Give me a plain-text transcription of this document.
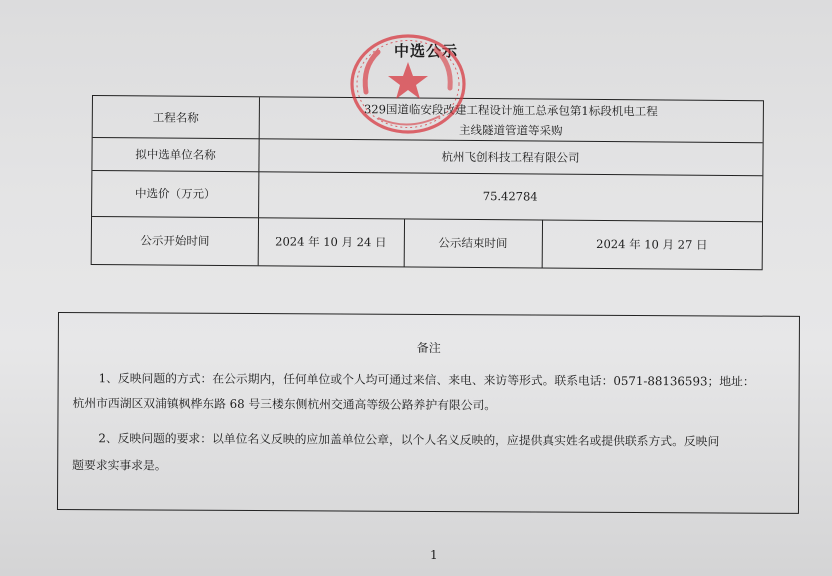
中选公示
工程名称	329国道临安段改建工程设计施工总承包第1标段机电工程
主线隧道管道等采购
拟中选单位名称	杭州飞创科技工程有限公司
中选价（万元）	75.42784
公示开始时间	2024 年 10 月 24 日	公示结束时间	2024 年 10 月 27 日
备注
1、反映问题的方式：在公示期内，任何单位或个人均可通过来信、来电、来访等形式。联系电话：0571-88136593；地址：
杭州市西湖区双浦镇枫桦东路 68 号三楼东侧杭州交通高等级公路养护有限公司。
2、反映问题的要求：以单位名义反映的应加盖单位公章，以个人名义反映的，应提供真实姓名或提供联系方式。反映问
题要求实事求是。
1
